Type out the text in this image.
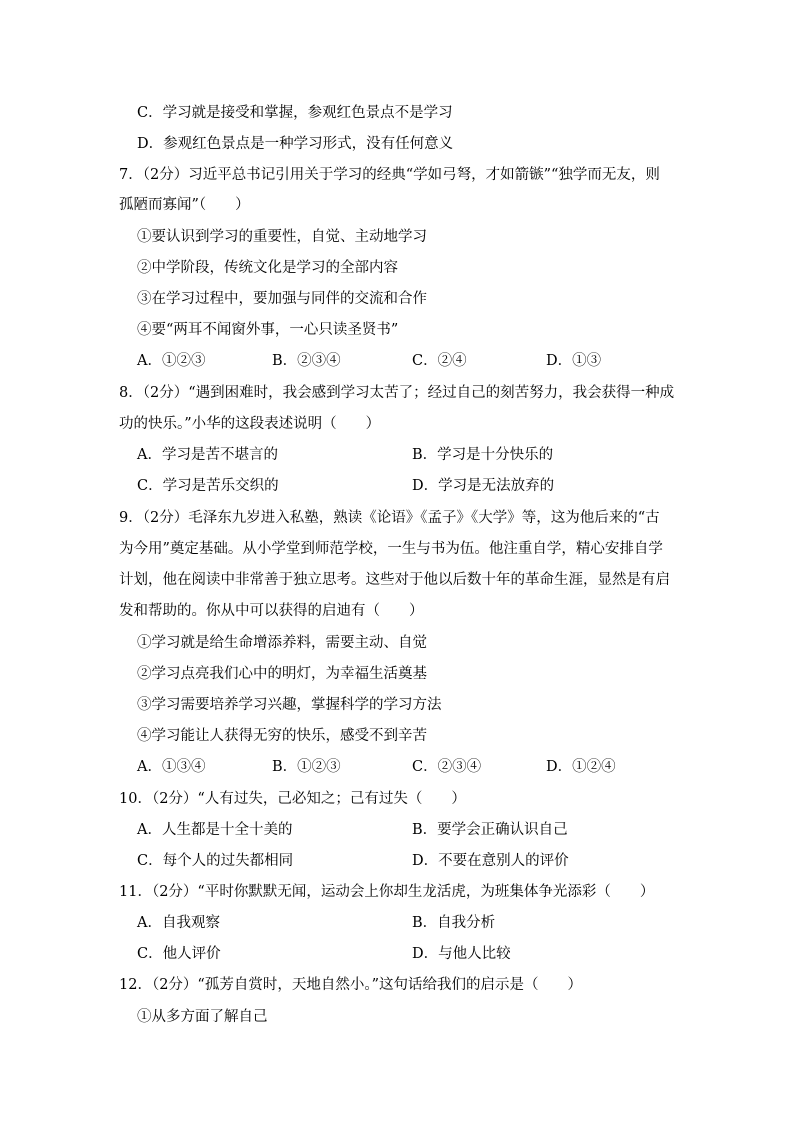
C．学习就是接受和掌握，参观红色景点不是学习
D．参观红色景点是一种学习形式，没有任何意义
7．（2分）习近平总书记引用关于学习的经典“学如弓弩，才如箭镞”“独学而无友，则
孤陋而寡闻”（　　）
①要认识到学习的重要性，自觉、主动地学习
②中学阶段，传统文化是学习的全部内容
③在学习过程中，要加强与同伴的交流和合作
④要“两耳不闻窗外事，一心只读圣贤书”
A．①②③	B．②③④	C．②④	D．①③
8．（2分）“遇到困难时，我会感到学习太苦了；经过自己的刻苦努力，我会获得一种成
功的快乐。”小华的这段表述说明（　　）
A．学习是苦不堪言的	B．学习是十分快乐的
C．学习是苦乐交织的	D．学习是无法放弃的
9．（2分）毛泽东九岁进入私塾，熟读《论语》《孟子》《大学》等，这为他后来的“古
为今用”奠定基础。从小学堂到师范学校，一生与书为伍。他注重自学，精心安排自学
计划，他在阅读中非常善于独立思考。这些对于他以后数十年的革命生涯，显然是有启
发和帮助的。你从中可以获得的启迪有（　　）
①学习就是给生命增添养料，需要主动、自觉
②学习点亮我们心中的明灯，为幸福生活奠基
③学习需要培养学习兴趣，掌握科学的学习方法
④学习能让人获得无穷的快乐，感受不到辛苦
A．①③④	B．①②③	C．②③④	D．①②④
10．（2分）“人有过失，己必知之；己有过失（　　）
A．人生都是十全十美的	B．要学会正确认识自己
C．每个人的过失都相同	D．不要在意别人的评价
11．（2分）“平时你默默无闻，运动会上你却生龙活虎，为班集体争光添彩（　　）
A．自我观察	B．自我分析
C．他人评价	D．与他人比较
12．（2分）“孤芳自赏时，天地自然小。”这句话给我们的启示是（　　）
①从多方面了解自己
